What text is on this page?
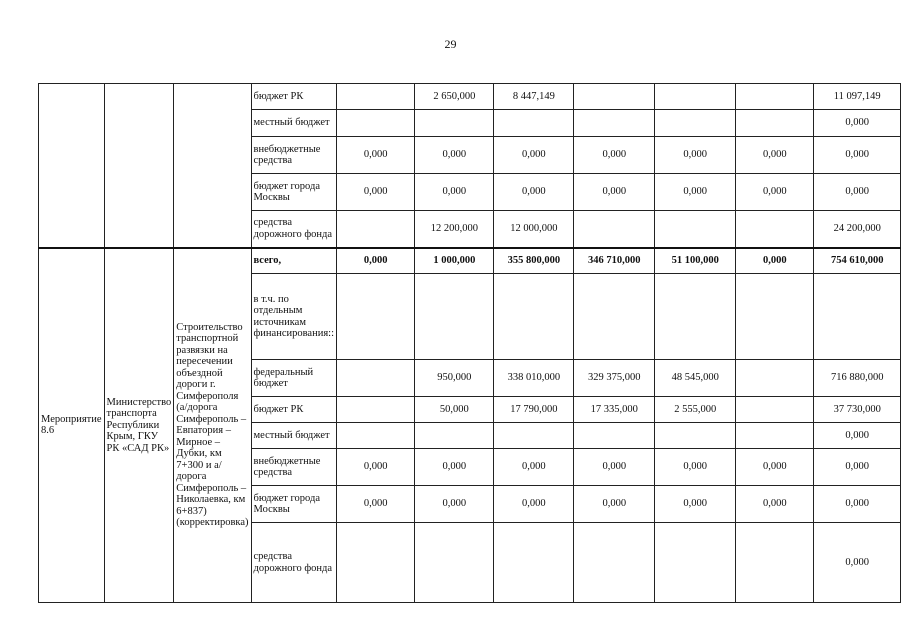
29
			бюджет РК		2 650,000	8 447,149				11 097,149
			местный бюджет							0,000
			внебюджетные средства	0,000	0,000	0,000	0,000	0,000	0,000	0,000
			бюджет города Москвы	0,000	0,000	0,000	0,000	0,000	0,000	0,000
			средства дорожного фонда		12 200,000	12 000,000				24 200,000
Мероприятие 8.6	Министерство транспорта Республики Крым, ГКУ РК «САД РК»	Строительство транспортной развязки на пересечении объездной дороги г. Симферополя (а/дорога Симферополь – Евпатория – Мирное – Дубки, км 7+300 и а/дорога Симферополь – Николаевка, км 6+837) (корректировка)	всего,	0,000	1 000,000	355 800,000	346 710,000	51 100,000	0,000	754 610,000
			в т.ч. по отдельным источникам финансирования::							
			федеральный бюджет		950,000	338 010,000	329 375,000	48 545,000		716 880,000
			бюджет РК		50,000	17 790,000	17 335,000	2 555,000		37 730,000
			местный бюджет							0,000
			внебюджетные средства	0,000	0,000	0,000	0,000	0,000	0,000	0,000
			бюджет города Москвы	0,000	0,000	0,000	0,000	0,000	0,000	0,000
			средства дорожного фонда							0,000
